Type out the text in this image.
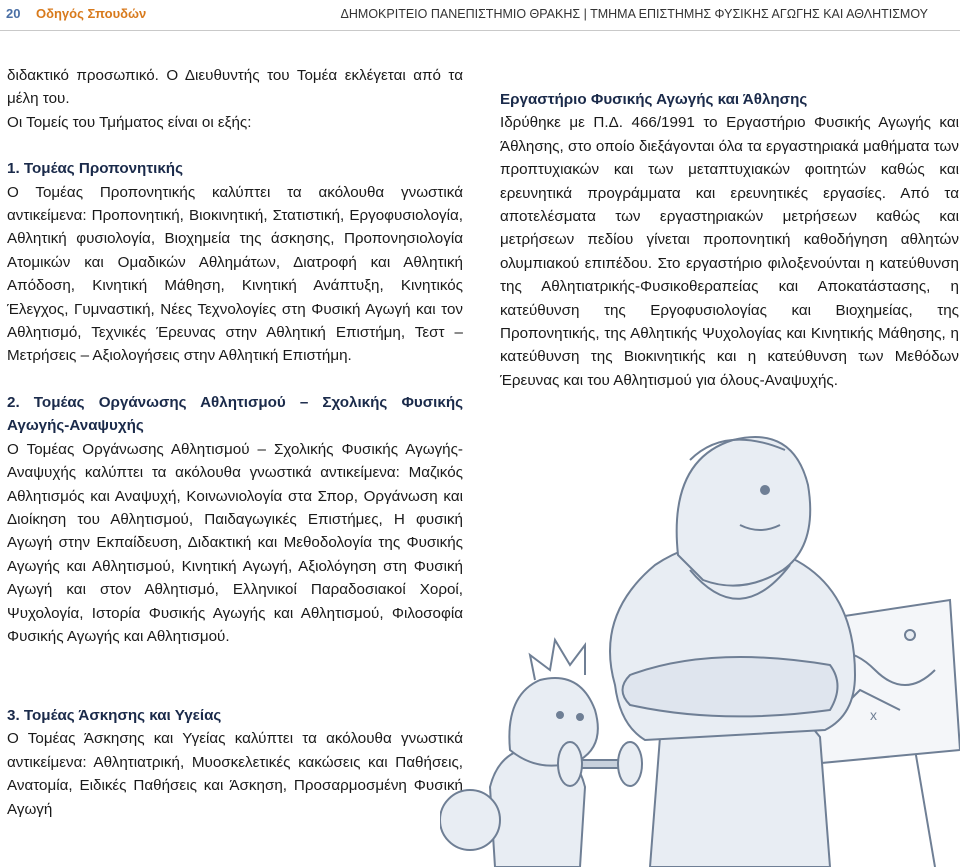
20 Οδηγός Σπουδών	ΔΗΜΟΚΡΙΤΕΙΟ ΠΑΝΕΠΙΣΤΗΜΙΟ ΘΡΑΚΗΣ | ΤΜΗΜΑ ΕΠΙΣΤΗΜΗΣ ΦΥΣΙΚΗΣ ΑΓΩΓΗΣ ΚΑΙ ΑΘΛΗΤΙΣΜΟΥ

διδακτικό προσωπικό. Ο Διευθυντής του Τομέα εκλέγεται από τα μέλη του.

Οι Τομείς του Τμήματος είναι οι εξής:

1. Τομέας Προπονητικής

Ο Τομέας Προπονητικής καλύπτει τα ακόλουθα γνωστικά αντικείμενα: Προπονητική, Βιοκινητική, Στατιστική, Εργοφυσιολογία, Αθλητική φυσιολογία, Βιοχημεία της άσκησης, Προπονησιολογία Ατομικών και Ομαδικών Αθλημάτων, Διατροφή και Αθλητική Απόδοση, Κινητική Μάθηση, Κινητική Ανάπτυξη, Κινητικός Έλεγχος, Γυμναστική, Νέες Τεχνολογίες στη Φυσική Αγωγή και τον Αθλητισμό, Τεχνικές Έρευνας στην Αθλητική Επιστήμη, Τεστ – Μετρήσεις – Αξιολογήσεις στην Αθλητική Επιστήμη.

2. Τομέας Οργάνωσης Αθλητισμού – Σχολικής Φυσικής Αγωγής-Αναψυχής

Ο Τομέας Οργάνωσης Αθλητισμού – Σχολικής Φυσικής Αγωγής-Αναψυχής καλύπτει τα ακόλουθα γνωστικά αντικείμενα: Μαζικός Αθλητισμός και Αναψυχή, Κοινωνιολογία στα Σπορ, Οργάνωση και Διοίκηση του Αθλητισμού, Παιδαγωγικές Επιστήμες, Η φυσική Αγωγή στην Εκπαίδευση, Διδακτική και Μεθοδολογία της Φυσικής Αγωγής και Αθλητισμού, Κινητική Αγωγή, Αξιολόγηση στη Φυσική Αγωγή και στον Αθλητισμό, Ελληνικοί Παραδοσιακοί Χοροί, Ψυχολογία, Ιστορία Φυσικής Αγωγής και Αθλητισμού, Φιλοσοφία Φυσικής Αγωγής και Αθλητισμού.

Εργαστήριο Φυσικής Αγωγής και Άθλησης

Ιδρύθηκε με Π.Δ. 466/1991 το Εργαστήριο Φυσικής Αγωγής και Άθλησης, στο οποίο διεξάγονται όλα τα εργαστηριακά μαθήματα των προπτυχιακών και των μεταπτυχιακών φοιτητών καθώς και ερευνητικά προγράμματα και ερευνητικές εργασίες. Από τα αποτελέσματα των εργαστηριακών μετρήσεων καθώς και μετρήσεων πεδίου γίνεται προπονητική καθοδήγηση αθλητών ολυμπιακού επιπέδου. Στο εργαστήριο φιλοξενούνται η κατεύθυνση της Αθλητιατρικής-Φυσικοθεραπείας και Αποκατάστασης, η κατεύθυνση της Εργοφυσιολογίας και Βιοχημείας, της Προπονητικής, της Αθλητικής Ψυχολογίας και Κινητικής Μάθησης, η κατεύθυνση της Βιοκινητικής και η κατεύθυνση των Μεθόδων Έρευνας και του Αθλητισμού για όλους-Αναψυχής.

3. Τομέας Άσκησης και Υγείας

Ο Τομέας Άσκησης και Υγείας καλύπτει τα ακόλουθα γνωστικά αντικείμενα: Αθλητιατρική, Μυοσκελετικές κακώσεις και Παθήσεις, Ανατομία, Ειδικές Παθήσεις και Άσκηση, Προσαρμοσμένη Φυσική Αγωγή

x
